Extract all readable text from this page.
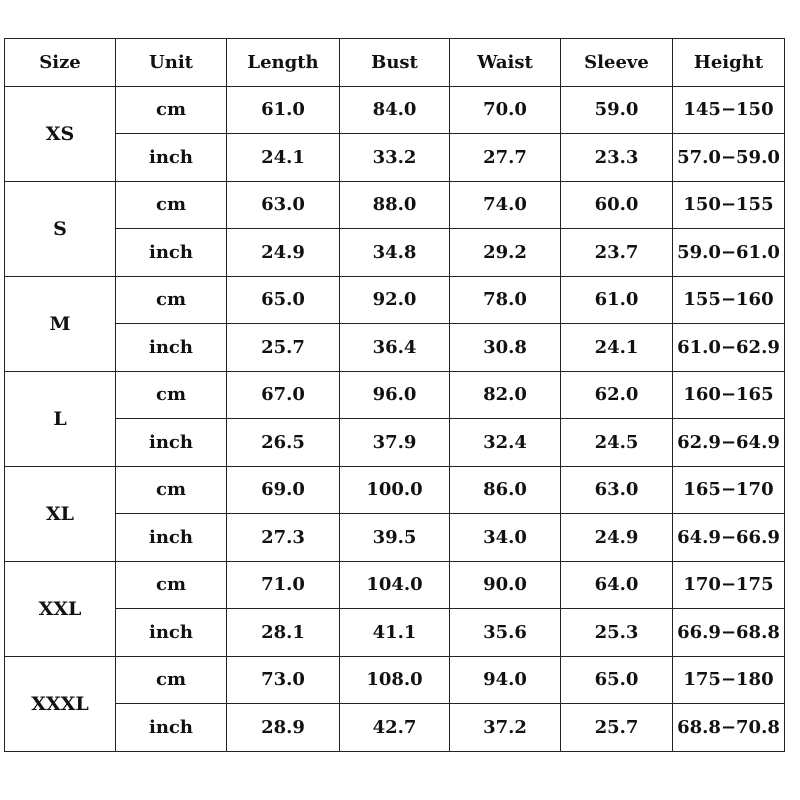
Size	Unit	Length	Bust	Waist	Sleeve	Height
XS	cm	61.0	84.0	70.0	59.0	145−150
	inch	24.1	33.2	27.7	23.3	57.0−59.0
S	cm	63.0	88.0	74.0	60.0	150−155
	inch	24.9	34.8	29.2	23.7	59.0−61.0
M	cm	65.0	92.0	78.0	61.0	155−160
	inch	25.7	36.4	30.8	24.1	61.0−62.9
L	cm	67.0	96.0	82.0	62.0	160−165
	inch	26.5	37.9	32.4	24.5	62.9−64.9
XL	cm	69.0	100.0	86.0	63.0	165−170
	inch	27.3	39.5	34.0	24.9	64.9−66.9
XXL	cm	71.0	104.0	90.0	64.0	170−175
	inch	28.1	41.1	35.6	25.3	66.9−68.8
XXXL	cm	73.0	108.0	94.0	65.0	175−180
	inch	28.9	42.7	37.2	25.7	68.8−70.8
